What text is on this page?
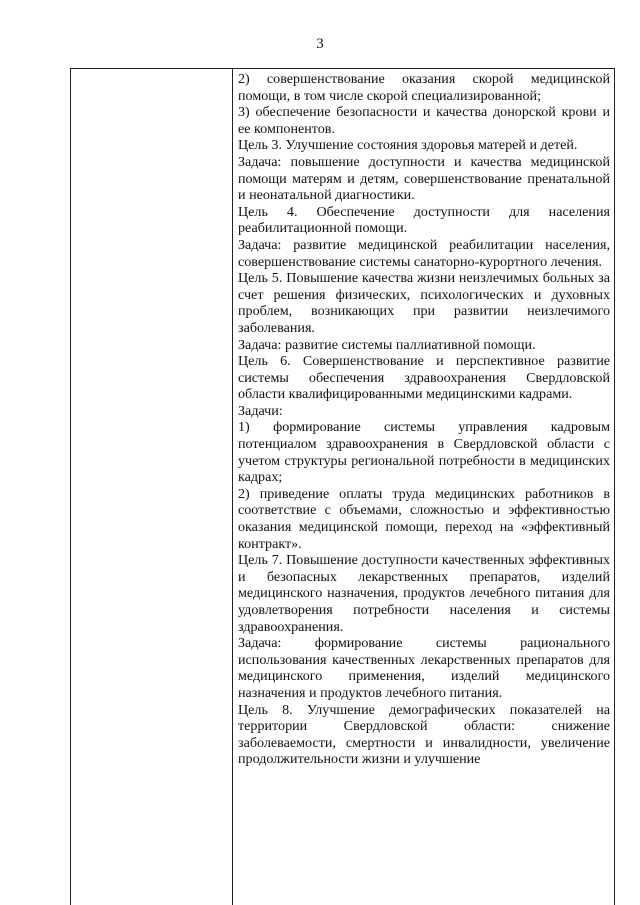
3

2) совершенствование оказания скорой медицинской помощи, в том числе скорой специализированной;

3) обеспечение безопасности и качества донорской крови и ее компонентов.

Цель 3. Улучшение состояния здоровья матерей и детей.

Задача: повышение доступности и качества медицинской помощи матерям и детям, совершенствование пренатальной и неонатальной диагностики.

Цель 4. Обеспечение доступности для населения реабилитационной помощи.

Задача: развитие медицинской реабилитации населения, совершенствование системы санаторно-курортного лечения.

Цель 5. Повышение качества жизни неизлечимых больных за счет решения физических, психологических и духовных проблем, возникающих при развитии неизлечимого заболевания.

Задача: развитие системы паллиативной помощи.

Цель 6. Совершенствование и перспективное развитие системы обеспечения здравоохранения Свердловской области квалифицированными медицинскими кадрами.

Задачи:

1) формирование системы управления кадровым потенциалом здравоохранения в Свердловской области с учетом структуры региональной потребности в медицинских кадрах;

2) приведение оплаты труда медицинских работников в соответствие с объемами, сложностью и эффективностью оказания медицинской помощи, переход на «эффективный контракт».

Цель 7. Повышение доступности качественных эффективных и безопасных лекарственных препаратов, изделий медицинского назначения, продуктов лечебного питания для удовлетворения потребности населения и системы здравоохранения.

Задача: формирование системы рационального использования качественных лекарственных препаратов для медицинского применения, изделий медицинского назначения и продуктов лечебного питания.

Цель 8. Улучшение демографических показателей на территории Свердловской области: снижение заболеваемости, смертности и инвалидности, увеличение продолжительности жизни и улучшение
